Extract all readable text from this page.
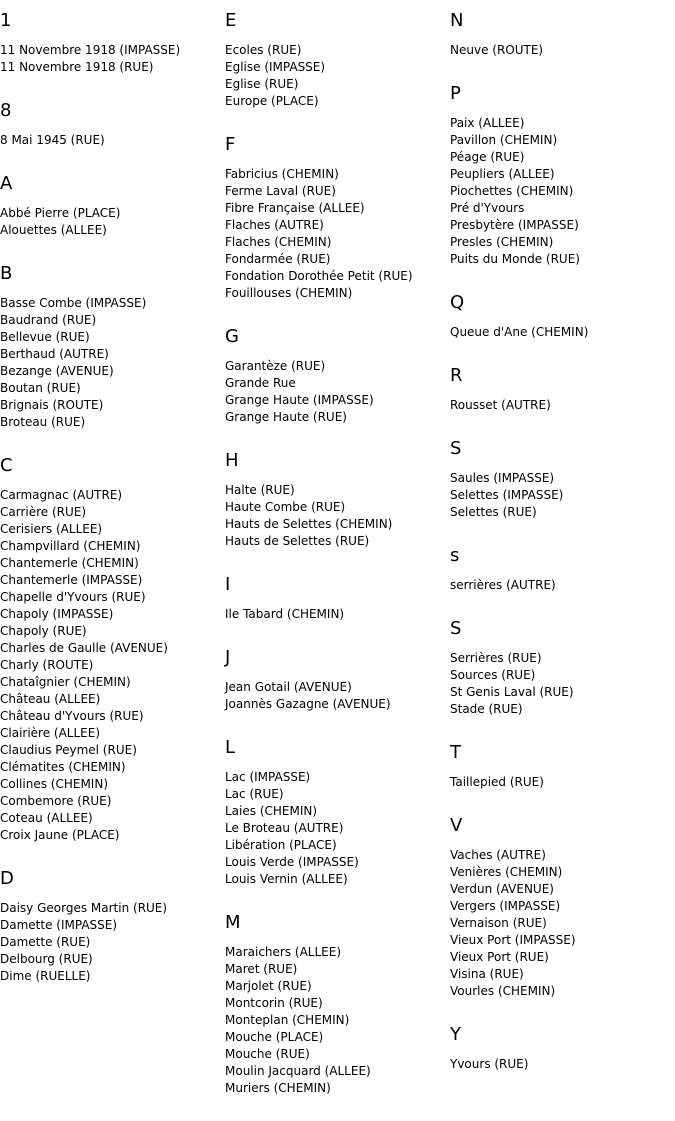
1
11 Novembre 1918 (IMPASSE)
11 Novembre 1918 (RUE)
8
8 Mai 1945 (RUE)
A
Abbé Pierre (PLACE)
Alouettes (ALLEE)
B
Basse Combe (IMPASSE)
Baudrand (RUE)
Bellevue (RUE)
Berthaud (AUTRE)
Bezange (AVENUE)
Boutan (RUE)
Brignais (ROUTE)
Broteau (RUE)
C
Carmagnac (AUTRE)
Carrière (RUE)
Cerisiers (ALLEE)
Champvillard (CHEMIN)
Chantemerle (CHEMIN)
Chantemerle (IMPASSE)
Chapelle d'Yvours (RUE)
Chapoly (IMPASSE)
Chapoly (RUE)
Charles de Gaulle (AVENUE)
Charly (ROUTE)
Chataîgnier (CHEMIN)
Château (ALLEE)
Château d'Yvours (RUE)
Clairière (ALLEE)
Claudius Peymel (RUE)
Clématites (CHEMIN)
Collines (CHEMIN)
Combemore (RUE)
Coteau (ALLEE)
Croix Jaune (PLACE)
D
Daisy Georges Martin (RUE)
Damette (IMPASSE)
Damette (RUE)
Delbourg (RUE)
Dime (RUELLE)
E
Ecoles (RUE)
Eglise (IMPASSE)
Eglise (RUE)
Europe (PLACE)
F
Fabricius (CHEMIN)
Ferme Laval (RUE)
Fibre Française (ALLEE)
Flaches (AUTRE)
Flaches (CHEMIN)
Fondarmée (RUE)
Fondation Dorothée Petit (RUE)
Fouillouses (CHEMIN)
G
Garantèze (RUE)
Grande Rue
Grange Haute (IMPASSE)
Grange Haute (RUE)
H
Halte (RUE)
Haute Combe (RUE)
Hauts de Selettes (CHEMIN)
Hauts de Selettes (RUE)
I
Ile Tabard (CHEMIN)
J
Jean Gotail (AVENUE)
Joannès Gazagne (AVENUE)
L
Lac (IMPASSE)
Lac (RUE)
Laies (CHEMIN)
Le Broteau (AUTRE)
Libération (PLACE)
Louis Verde (IMPASSE)
Louis Vernin (ALLEE)
M
Maraichers (ALLEE)
Maret (RUE)
Marjolet (RUE)
Montcorin (RUE)
Monteplan (CHEMIN)
Mouche (PLACE)
Mouche (RUE)
Moulin Jacquard (ALLEE)
Muriers (CHEMIN)
N
Neuve (ROUTE)
P
Paix (ALLEE)
Pavillon (CHEMIN)
Péage (RUE)
Peupliers (ALLEE)
Piochettes (CHEMIN)
Pré d'Yvours
Presbytère (IMPASSE)
Presles (CHEMIN)
Puits du Monde (RUE)
Q
Queue d'Ane (CHEMIN)
R
Rousset (AUTRE)
S
Saules (IMPASSE)
Selettes (IMPASSE)
Selettes (RUE)
s
serrières (AUTRE)
S
Serrières (RUE)
Sources (RUE)
St Genis Laval (RUE)
Stade (RUE)
T
Taillepied (RUE)
V
Vaches (AUTRE)
Venières (CHEMIN)
Verdun (AVENUE)
Vergers (IMPASSE)
Vernaison (RUE)
Vieux Port (IMPASSE)
Vieux Port (RUE)
Visina (RUE)
Vourles (CHEMIN)
Y
Yvours (RUE)
